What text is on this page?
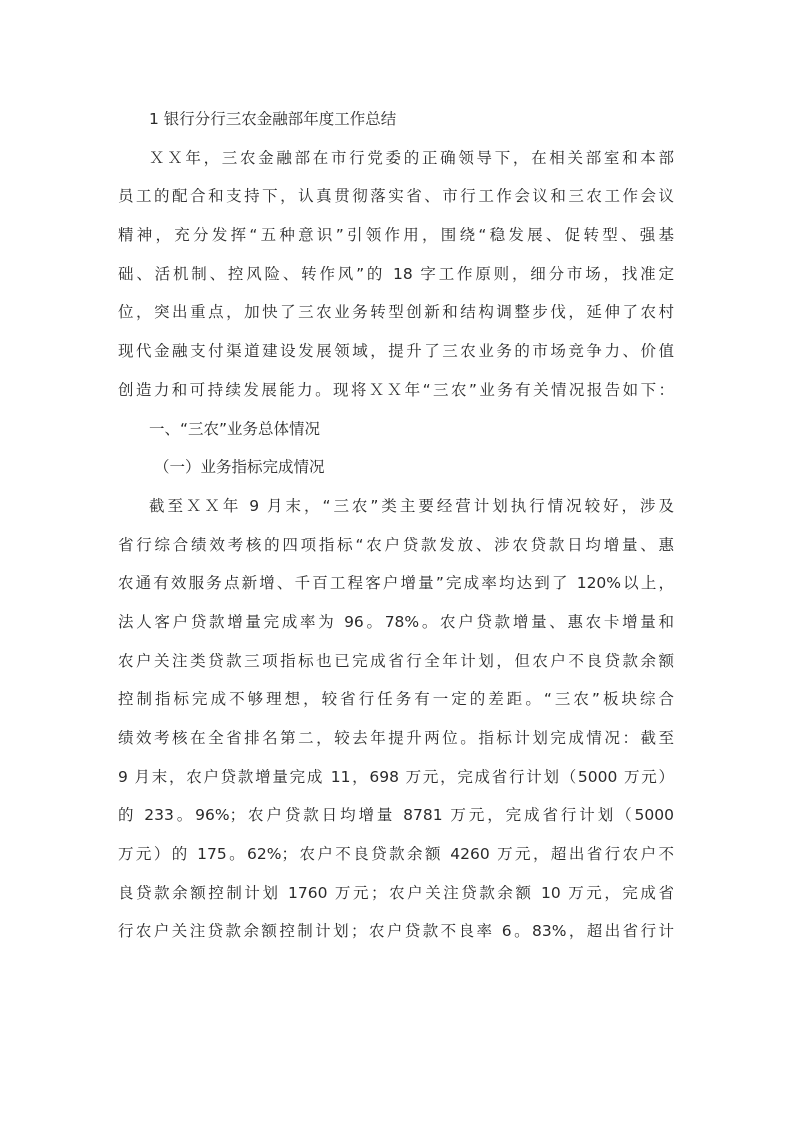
1 银行分行三农金融部年度工作总结
ＸＸ年，三农金融部在市行党委的正确领导下，在相关部室和本部
员工的配合和支持下，认真贯彻落实省、市行工作会议和三农工作会议
精神，充分发挥“五种意识”引领作用，围绕“稳发展、促转型、强基
础、活机制、控风险、转作风”的 18 字工作原则，细分市场，找准定
位，突出重点，加快了三农业务转型创新和结构调整步伐，延伸了农村
现代金融支付渠道建设发展领域，提升了三农业务的市场竞争力、价值
创造力和可持续发展能力。现将ＸＸ年“三农”业务有关情况报告如下：
一、“三农”业务总体情况
（一）业务指标完成情况
截至ＸＸ年 9 月末，“三农”类主要经营计划执行情况较好，涉及
省行综合绩效考核的四项指标“农户贷款发放、涉农贷款日均增量、惠
农通有效服务点新增、千百工程客户增量”完成率均达到了 120%以上，
法人客户贷款增量完成率为 96。78%。农户贷款增量、惠农卡增量和
农户关注类贷款三项指标也已完成省行全年计划，但农户不良贷款余额
控制指标完成不够理想，较省行任务有一定的差距。“三农”板块综合
绩效考核在全省排名第二，较去年提升两位。指标计划完成情况：截至
9 月末，农户贷款增量完成 11，698 万元，完成省行计划（5000 万元）
的 233。96%；农户贷款日均增量 8781 万元，完成省行计划（5000
万元）的 175。62%；农户不良贷款余额 4260 万元，超出省行农户不
良贷款余额控制计划 1760 万元；农户关注贷款余额 10 万元，完成省
行农户关注贷款余额控制计划；农户贷款不良率 6。83%，超出省行计
